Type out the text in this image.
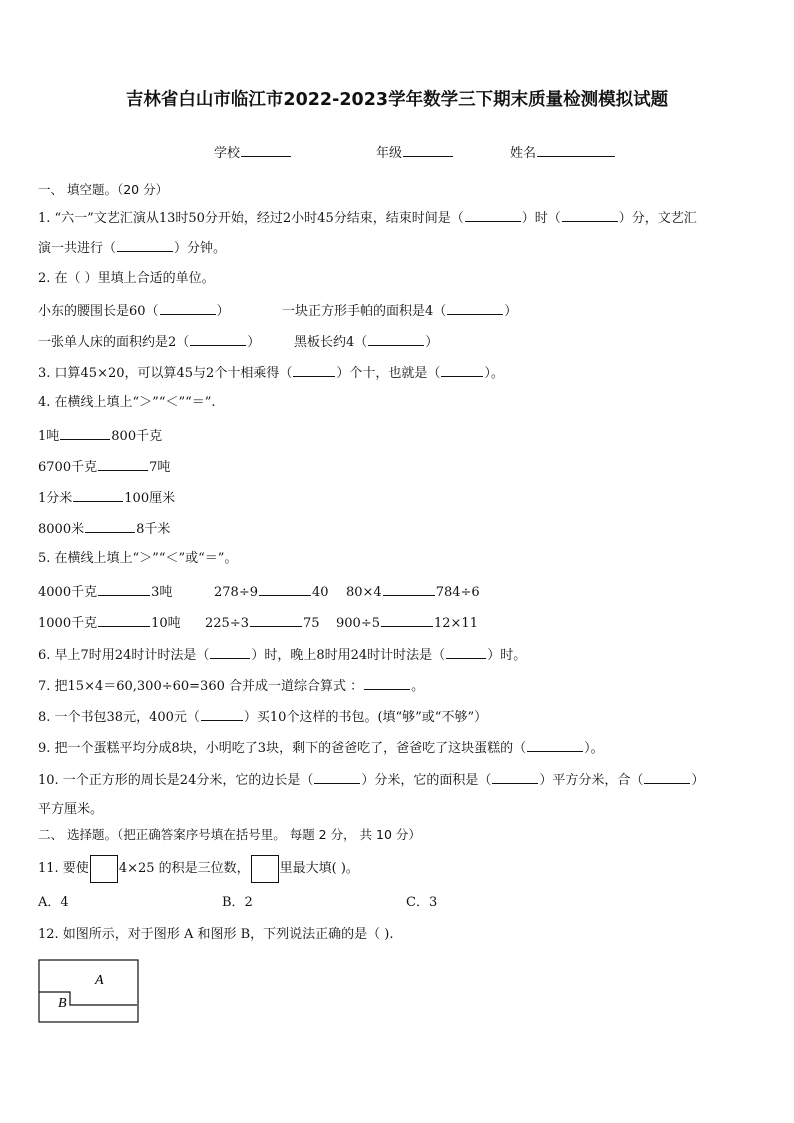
吉林省白山市临江市2022-2023学年数学三下期末质量检测模拟试题
学校	年级	姓名
一、 填空题。（20 分）
1. “六一”文艺汇演从13时50分开始，经过2小时45分结束，结束时间是（	）时（	）分，文艺汇
演一共进行（	）分钟。
2. 在（ ）里填上合适的单位。
小东的腰围长是60（	）	一块正方形手帕的面积是4（	）
一张单人床的面积约是2（	）	黑板长约4（	）
3. 口算45×20，可以算45与2个十相乘得（	）个十，也就是（	）。
4. 在横线上填上“＞”“＜”“＝”.
1吨	800千克
6700千克	7吨
1分米	100厘米
8000米	8千米
5. 在横线上填上“＞”“＜”或“＝”。
4000千克	3吨	278÷9	40 80×4	784÷6
1000千克	10吨 225÷3	75 900÷5	12×11
6. 早上7时用24时计时法是（	）时，晚上8时用24时计时法是（	）时。
7. 把15×4＝60,300÷60=360 合并成一道综合算式 ：	。
8. 一个书包38元，400元（	）买10个这样的书包。(填“够”或“不够”）
9. 把一个蛋糕平均分成8块，小明吃了3块，剩下的爸爸吃了，爸爸吃了这块蛋糕的（	）。
10. 一个正方形的周长是24分米，它的边长是（	）分米，它的面积是（	）平方分米，合（	）
平方厘米。
二、 选择题。（把正确答案序号填在括号里。 每题 2 分， 共 10 分）
11. 要使 4×25 的积是三位数， 里最大填( )。
A．4	B．2	C．3
12. 如图所示，对于图形 A 和图形 B，下列说法正确的是（ ).
A
B
